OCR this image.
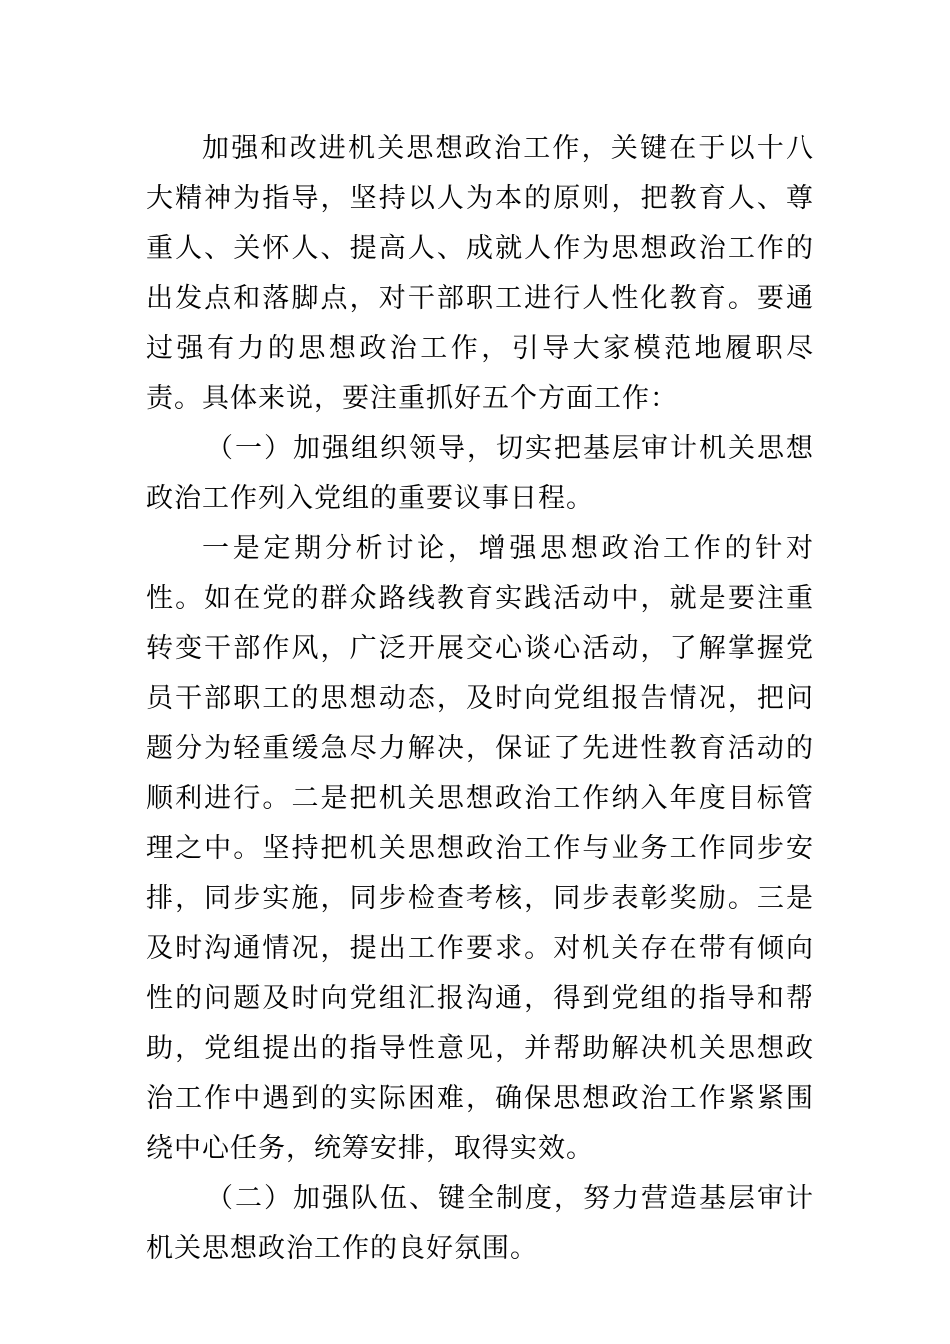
加强和改进机关思想政治工作，关键在于以十八大精神为指导，坚持以人为本的原则，把教育人、尊重人、关怀人、提高人、成就人作为思想政治工作的出发点和落脚点，对干部职工进行人性化教育。要通过强有力的思想政治工作，引导大家模范地履职尽责。具体来说，要注重抓好五个方面工作：

（一）加强组织领导，切实把基层审计机关思想政治工作列入党组的重要议事日程。

一是定期分析讨论，增强思想政治工作的针对性。如在党的群众路线教育实践活动中，就是要注重转变干部作风，广泛开展交心谈心活动，了解掌握党员干部职工的思想动态，及时向党组报告情况，把问题分为轻重缓急尽力解决，保证了先进性教育活动的顺利进行。二是把机关思想政治工作纳入年度目标管理之中。坚持把机关思想政治工作与业务工作同步安排，同步实施，同步检查考核，同步表彰奖励。三是及时沟通情况，提出工作要求。对机关存在带有倾向性的问题及时向党组汇报沟通，得到党组的指导和帮助，党组提出的指导性意见，并帮助解决机关思想政治工作中遇到的实际困难，确保思想政治工作紧紧围绕中心任务，统筹安排，取得实效。

（二）加强队伍、键全制度，努力营造基层审计机关思想政治工作的良好氛围。
